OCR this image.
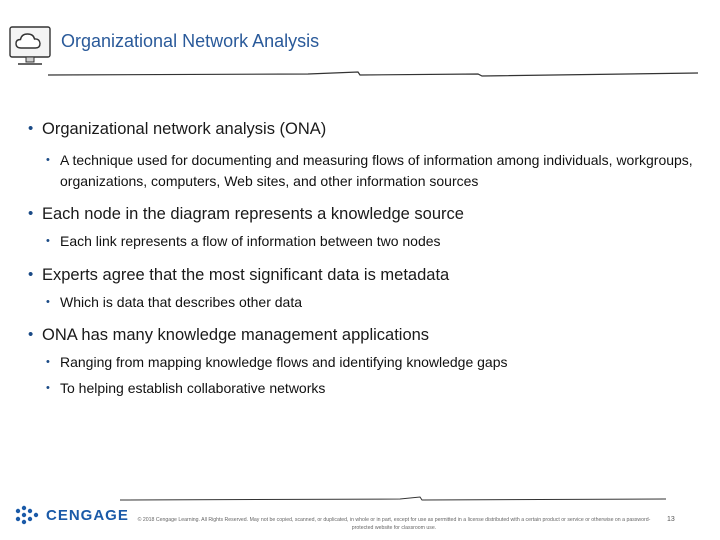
Organizational Network Analysis
• Organizational network analysis (ONA)
• A technique used for documenting and measuring flows of information among individuals, workgroups, organizations, computers, Web sites, and other information sources
• Each node in the diagram represents a knowledge source
• Each link represents a flow of information between two nodes
• Experts agree that the most significant data is metadata
• Which is data that describes other data
• ONA has many knowledge management applications
• Ranging from mapping knowledge flows and identifying knowledge gaps
• To helping establish collaborative networks
CENGAGE	© 2018 Cengage Learning. All Rights Reserved. May not be copied, scanned, or duplicated, in whole or in part, except for use as permitted in a license distributed with a certain product or service or otherwise on a password-protected website for classroom use.
13
